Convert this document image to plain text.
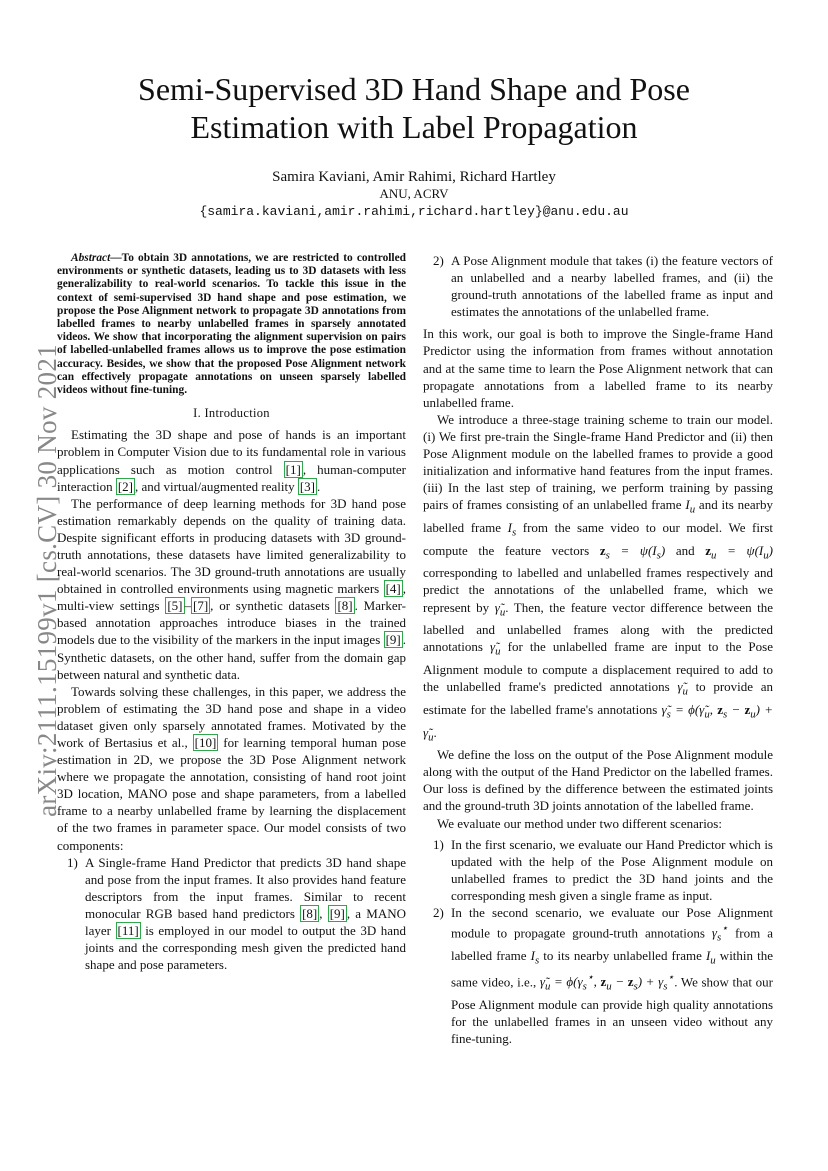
arXiv:2111.15199v1 [cs.CV] 30 Nov 2021
Semi-Supervised 3D Hand Shape and Pose
Estimation with Label Propagation
Samira Kaviani, Amir Rahimi, Richard Hartley
ANU, ACRV
{samira.kaviani,amir.rahimi,richard.hartley}@anu.edu.au

Abstract—To obtain 3D annotations, we are restricted to controlled environments or synthetic datasets, leading us to 3D datasets with less generalizability to real-world scenarios. To tackle this issue in the context of semi-supervised 3D hand shape and pose estimation, we propose the Pose Alignment network to propagate 3D annotations from labelled frames to nearby unlabelled frames in sparsely annotated videos. We show that incorporating the alignment supervision on pairs of labelled-unlabelled frames allows us to improve the pose estimation accuracy. Besides, we show that the proposed Pose Alignment network can effectively propagate annotations on unseen sparsely labelled videos without fine-tuning.

I. Introduction

Estimating the 3D shape and pose of hands is an important problem in Computer Vision due to its fundamental role in various applications such as motion control [1] , human-computer interaction [2] , and virtual/augmented reality [3] .

The performance of deep learning methods for 3D hand pose estimation remarkably depends on the quality of training data. Despite significant efforts in producing datasets with 3D ground-truth annotations, these datasets have limited generalizability to real-world scenarios. The 3D ground-truth annotations are usually obtained in controlled environments using magnetic markers [4] , multi-view settings [5] – [7] , or synthetic datasets [8] . Marker-based annotation approaches introduce biases in the trained models due to the visibility of the markers in the input images [9] . Synthetic datasets, on the other hand, suffer from the domain gap between natural and synthetic data.

Towards solving these challenges, in this paper, we address the problem of estimating the 3D hand pose and shape in a video dataset given only sparsely annotated frames. Motivated by the work of Bertasius et al., [10] for learning temporal human pose estimation in 2D, we propose the 3D Pose Alignment network where we propagate the annotation, consisting of hand root joint 3D location, MANO pose and shape parameters, from a labelled frame to a nearby unlabelled frame by learning the displacement of the two frames in parameter space. Our model consists of two components:

1) A Single-frame Hand Predictor that predicts 3D hand shape and pose from the input frames. It also provides hand feature descriptors from the input frames. Similar to recent monocular RGB based hand predictors [8] , [9] , a MANO layer [11] is employed in our model to output the 3D hand joints and the corresponding mesh given the predicted hand shape and pose parameters.
2) A Pose Alignment module that takes (i) the feature vectors of an unlabelled and a nearby labelled frames, and (ii) the ground-truth annotations of the labelled frame as input and estimates the annotations of the unlabelled frame.

In this work, our goal is both to improve the Single-frame Hand Predictor using the information from frames without annotation and at the same time to learn the Pose Alignment network that can propagate annotations from a labelled frame to its nearby unlabelled frame.

We introduce a three-stage training scheme to train our model. (i) We first pre-train the Single-frame Hand Predictor and (ii) then Pose Alignment module on the labelled frames to provide a good initialization and informative hand features from the input frames. (iii) In the last step of training, we perform training by passing pairs of frames consisting of an unlabelled frame $I_u$ and its nearby labelled frame $I_s$ from the same video to our model. We first compute the feature vectors $z_s = \psi(I_s)$ and $z_u = \psi(I_u)$ corresponding to labelled and unlabelled frames respectively and predict the annotations of the unlabelled frame, which we represent by $\gammã_u$. Then, the feature vector difference between the labelled and unlabelled frames along with the predicted annotations $\gammã_u$ for the unlabelled frame are input to the Pose Alignment module to compute a displacement required to add to the unlabelled frame's predicted annotations $\gammã_u$ to provide an estimate for the labelled frame's annotations $\gammã_s$ = $\phi(\gammã_u$, $z_s - z_u$) + $\gammã_u$.

We define the loss on the output of the Pose Alignment module along with the output of the Hand Predictor on the labelled frames. Our loss is defined by the difference between the estimated joints and the ground-truth 3D joints annotation of the labelled frame.

We evaluate our method under two different scenarios:

1) In the first scenario, we evaluate our Hand Predictor which is updated with the help of the Pose Alignment module on unlabelled frames to predict the 3D hand joints and the corresponding mesh given a single frame as input.
2) In the second scenario, we evaluate our Pose Alignment module to propagate ground-truth annotations $\gamma_s^⋆$ from a labelled frame $I_s$ to its nearby unlabelled frame $I_u$ within the same video, i.e., $\gammã_u = \phi(\gamma_s^⋆$, $z_u - z_s) + \gamma_s^⋆$. We show that our Pose Alignment module can provide high quality annotations for the unlabelled frames in an unseen video without any fine-tuning.
